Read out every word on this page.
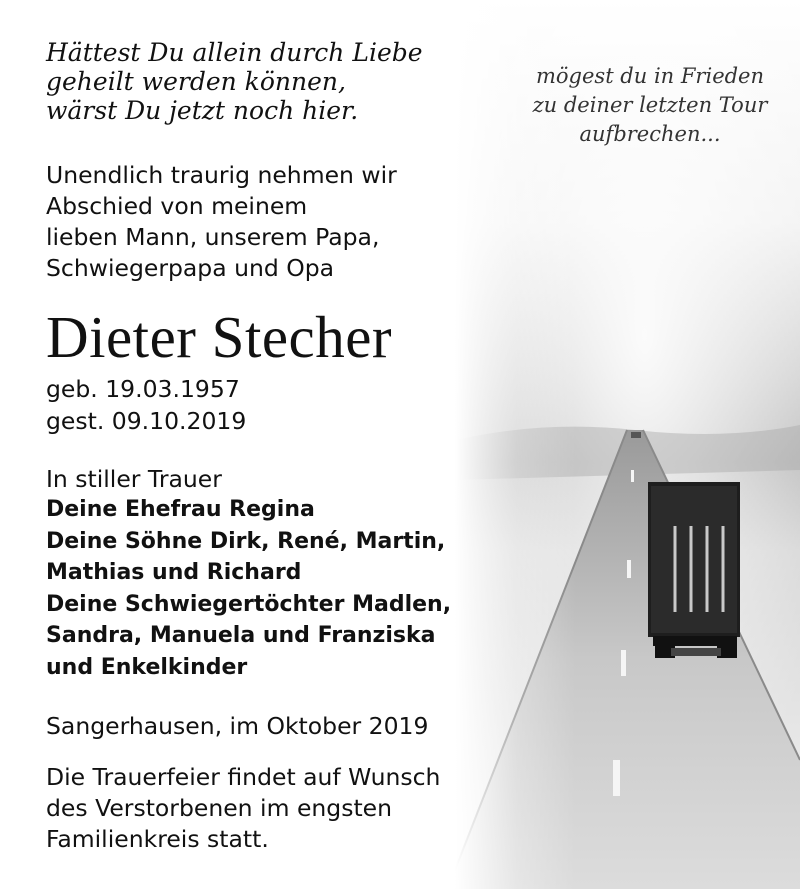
mögest du in Frieden
zu deiner letzten Tour
aufbrechen...
Hättest Du allein durch Liebe
geheilt werden können,
wärst Du jetzt noch hier.
Unendlich traurig nehmen wir
Abschied von meinem
lieben Mann, unserem Papa,
Schwiegerpapa und Opa
Dieter Stecher
geb. 19.03.1957
gest. 09.10.2019
In stiller Trauer
Deine Ehefrau Regina
Deine Söhne Dirk, René, Martin,
Mathias und Richard
Deine Schwiegertöchter Madlen,
Sandra, Manuela und Franziska
und Enkelkinder
Sangerhausen, im Oktober 2019
Die Trauerfeier findet auf Wunsch
des Verstorbenen im engsten
Familienkreis statt.
